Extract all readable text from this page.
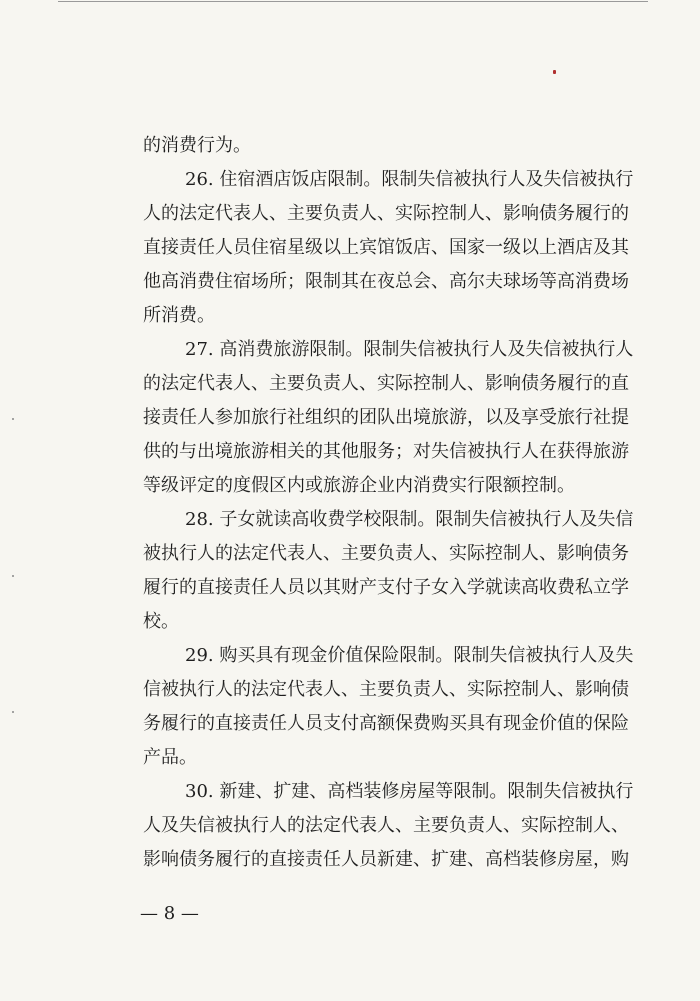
的消费行为。
26. 住宿酒店饭店限制。限制失信被执行人及失信被执行
人的法定代表人、主要负责人、实际控制人、影响债务履行的
直接责任人员住宿星级以上宾馆饭店、国家一级以上酒店及其
他高消费住宿场所；限制其在夜总会、高尔夫球场等高消费场
所消费。
27. 高消费旅游限制。限制失信被执行人及失信被执行人
的法定代表人、主要负责人、实际控制人、影响债务履行的直
接责任人参加旅行社组织的团队出境旅游，以及享受旅行社提
供的与出境旅游相关的其他服务；对失信被执行人在获得旅游
等级评定的度假区内或旅游企业内消费实行限额控制。
28. 子女就读高收费学校限制。限制失信被执行人及失信
被执行人的法定代表人、主要负责人、实际控制人、影响债务
履行的直接责任人员以其财产支付子女入学就读高收费私立学
校。
29. 购买具有现金价值保险限制。限制失信被执行人及失
信被执行人的法定代表人、主要负责人、实际控制人、影响债
务履行的直接责任人员支付高额保费购买具有现金价值的保险
产品。
30. 新建、扩建、高档装修房屋等限制。限制失信被执行
人及失信被执行人的法定代表人、主要负责人、实际控制人、
影响债务履行的直接责任人员新建、扩建、高档装修房屋，购
— 8 —
